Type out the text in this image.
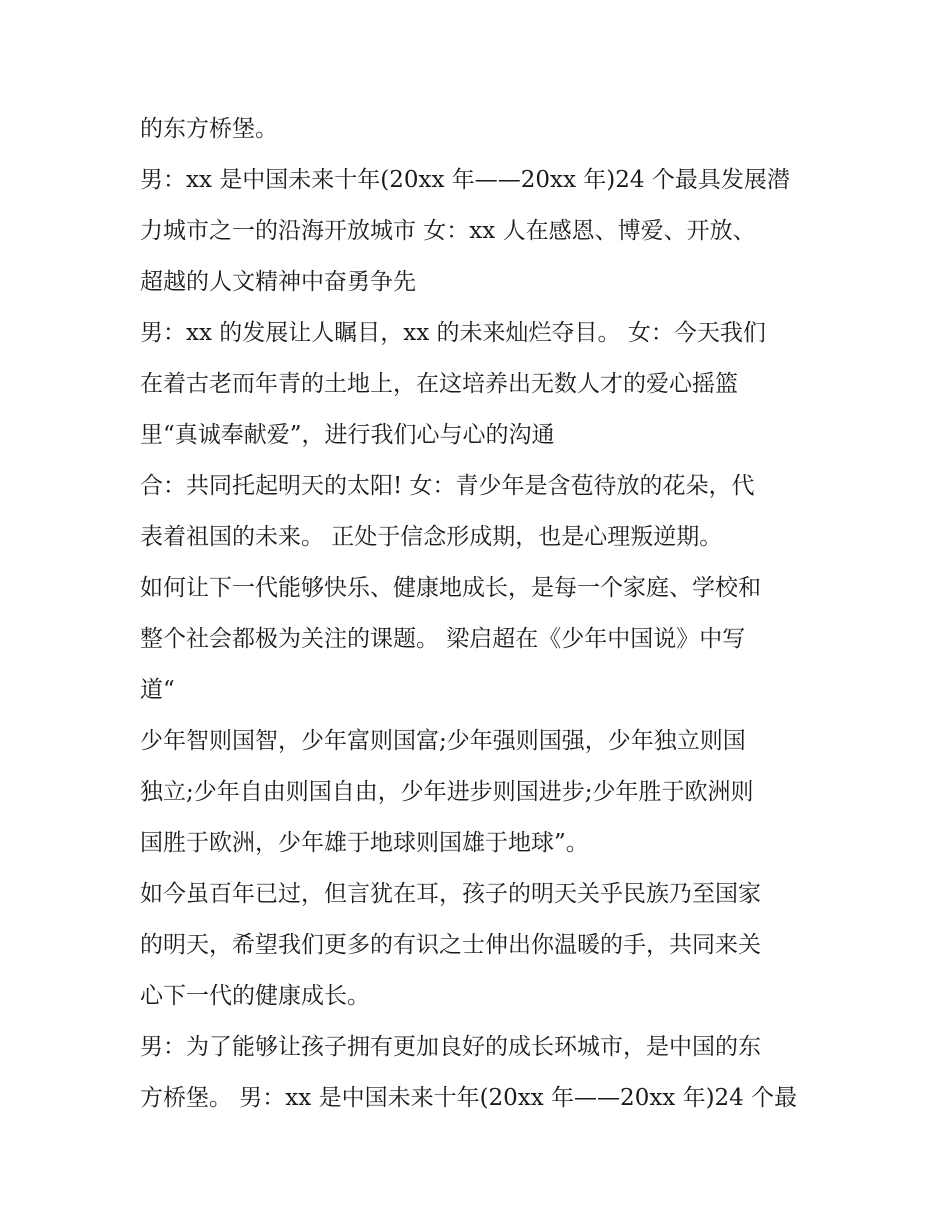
的东方桥堡。
男：xx 是中国未来十年(20xx 年——20xx 年)24 个最具发展潜
力城市之一的沿海开放城市 女：xx 人在感恩、博爱、开放、
超越的人文精神中奋勇争先
男：xx 的发展让人瞩目，xx 的未来灿烂夺目。 女：今天我们
在着古老而年青的土地上，在这培养出无数人才的爱心摇篮
里“真诚奉献爱”，进行我们心与心的沟通
合：共同托起明天的太阳! 女：青少年是含苞待放的花朵，代
表着祖国的未来。 正处于信念形成期，也是心理叛逆期。
如何让下一代能够快乐、健康地成长，是每一个家庭、学校和
整个社会都极为关注的课题。 梁启超在《少年中国说》中写
道“
少年智则国智，少年富则国富;少年强则国强，少年独立则国
独立;少年自由则国自由，少年进步则国进步;少年胜于欧洲则
国胜于欧洲，少年雄于地球则国雄于地球”。
如今虽百年已过，但言犹在耳，孩子的明天关乎民族乃至国家
的明天，希望我们更多的有识之士伸出你温暖的手，共同来关
心下一代的健康成长。
男：为了能够让孩子拥有更加良好的成长环城市，是中国的东
方桥堡。 男：xx 是中国未来十年(20xx 年——20xx 年)24 个最
